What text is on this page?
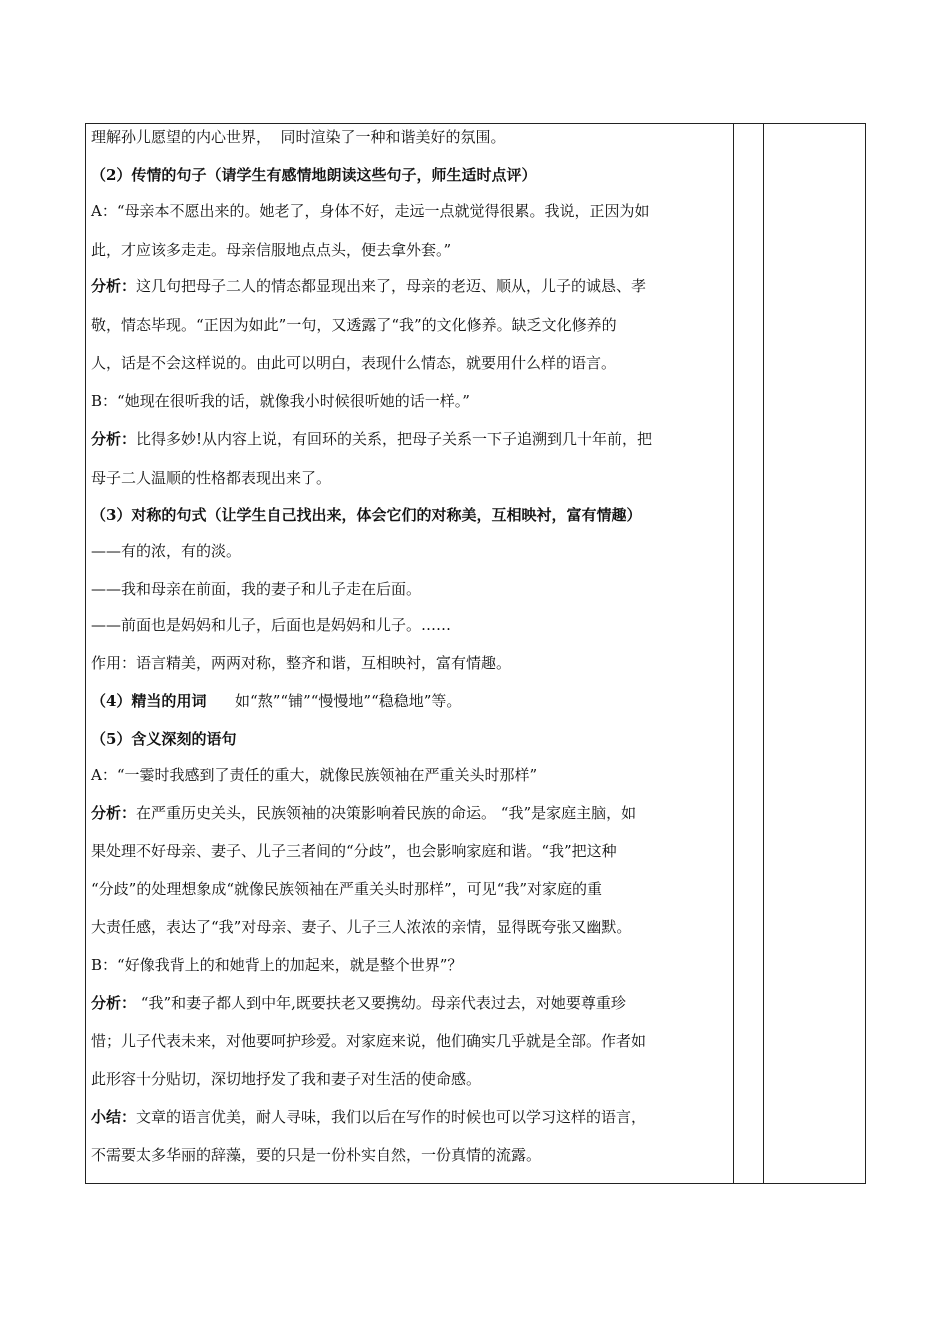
理解孙儿愿望的内心世界，  同时渲染了一种和谐美好的氛围。
（2）传情的句子（请学生有感情地朗读这些句子，师生适时点评）
A：“母亲本不愿出来的。她老了，身体不好，走远一点就觉得很累。我说，正因为如
此，才应该多走走。母亲信服地点点头，便去拿外套。”
分析：这几句把母子二人的情态都显现出来了，母亲的老迈、顺从，儿子的诚恳、孝
敬，情态毕现。“正因为如此”一句，又透露了“我”的文化修养。缺乏文化修养的
人，话是不会这样说的。由此可以明白，表现什么情态，就要用什么样的语言。
B：“她现在很听我的话，就像我小时候很听她的话一样。”
分析：比得多妙!从内容上说，有回环的关系，把母子关系一下子追溯到几十年前，把
母子二人温顺的性格都表现出来了。
（3）对称的句式（让学生自己找出来，体会它们的对称美，互相映衬，富有情趣）
——有的浓，有的淡。
——我和母亲在前面，我的妻子和儿子走在后面。
——前面也是妈妈和儿子，后面也是妈妈和儿子。……
作用：语言精美，两两对称，整齐和谐，互相映衬，富有情趣。
（4）精当的用词      如“熬”“铺”“慢慢地”“稳稳地”等。
（5）含义深刻的语句
A：“一霎时我感到了责任的重大，就像民族领袖在严重关头时那样”
分析：在严重历史关头，民族领袖的决策影响着民族的命运。 “我”是家庭主脑，如
果处理不好母亲、妻子、儿子三者间的“分歧”，也会影响家庭和谐。“我”把这种
“分歧”的处理想象成“就像民族领袖在严重关头时那样”，可见“我”对家庭的重
大责任感，表达了“我”对母亲、妻子、儿子三人浓浓的亲情，显得既夸张又幽默。
B：“好像我背上的和她背上的加起来，就是整个世界”？
分析： “我”和妻子都人到中年,既要扶老又要携幼。母亲代表过去，对她要尊重珍
惜；儿子代表未来，对他要呵护珍爱。对家庭来说，他们确实几乎就是全部。作者如
此形容十分贴切，深切地抒发了我和妻子对生活的使命感。
小结：文章的语言优美，耐人寻味，我们以后在写作的时候也可以学习这样的语言，
不需要太多华丽的辞藻，要的只是一份朴实自然，一份真情的流露。
